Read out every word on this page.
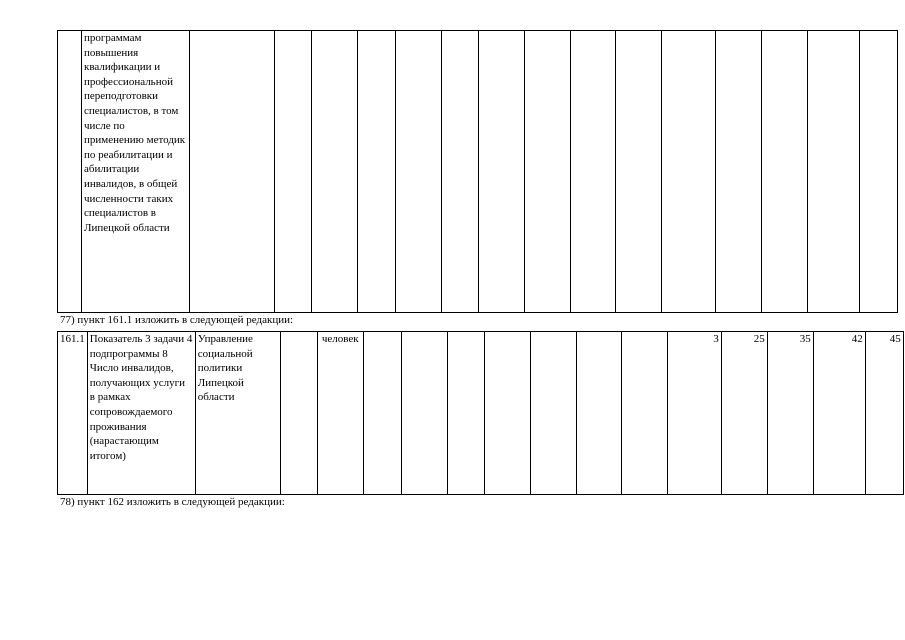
	программам повышения квалификации и профессиональной переподготовки специалистов, в том числе по применению методик по реабилитации и абилитации инвалидов, в общей численности таких специалистов в Липецкой области															
77) пункт 161.1 изложить в следующей редакции:
161.1	Показатель 3 задачи 4 подпрограммы 8 Число инвалидов, получающих услуги в рамках сопровождаемого проживания (нарастающим итогом)	Управление социальной политики Липецкой области		человек								3	25	35	42	45
78) пункт 162 изложить в следующей редакции:
